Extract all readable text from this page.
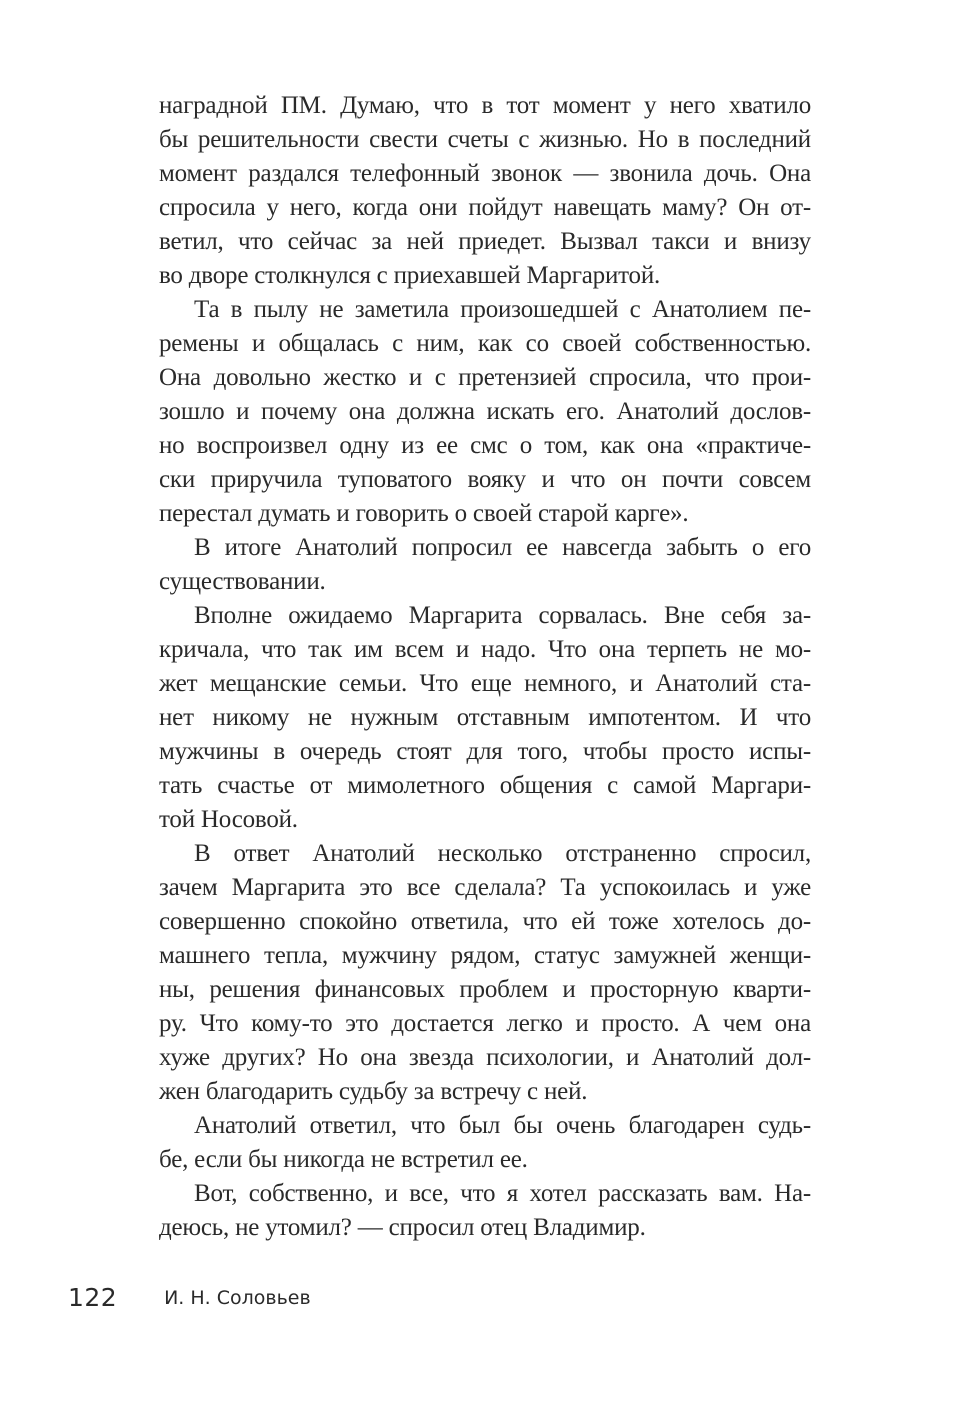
наградной ПМ. Думаю, что в тот момент у него хватило
бы решительности свести счеты с жизнью. Но в последний
момент раздался телефонный звонок — звонила дочь. Она
спросила у него, когда они пойдут навещать маму? Он от-
ветил, что сейчас за ней приедет. Вызвал такси и внизу
во дворе столкнулся с приехавшей Маргаритой.
Та в пылу не заметила произошедшей с Анатолием пе-
ремены и общалась с ним, как со своей собственностью.
Она довольно жестко и с претензией спросила, что прои-
зошло и почему она должна искать его. Анатолий дослов-
но воспроизвел одну из ее смс о том, как она «практиче-
ски приручила туповатого вояку и что он почти совсем
перестал думать и говорить о своей старой карге».
В итоге Анатолий попросил ее навсегда забыть о его
существовании.
Вполне ожидаемо Маргарита сорвалась. Вне себя за-
кричала, что так им всем и надо. Что она терпеть не мо-
жет мещанские семьи. Что еще немного, и Анатолий ста-
нет никому не нужным отставным импотентом. И что
мужчины в очередь стоят для того, чтобы просто испы-
тать счастье от мимолетного общения с самой Маргари-
той Носовой.
В ответ Анатолий несколько отстраненно спросил,
зачем Маргарита это все сделала? Та успокоилась и уже
совершенно спокойно ответила, что ей тоже хотелось до-
машнего тепла, мужчину рядом, статус замужней женщи-
ны, решения финансовых проблем и просторную кварти-
ру. Что кому-то это достается легко и просто. А чем она
хуже других? Но она звезда психологии, и Анатолий дол-
жен благодарить судьбу за встречу с ней.
Анатолий ответил, что был бы очень благодарен судь-
бе, если бы никогда не встретил ее.
Вот, собственно, и все, что я хотел рассказать вам. На-
деюсь, не утомил? — спросил отец Владимир.
122 И. Н. Соловьев
